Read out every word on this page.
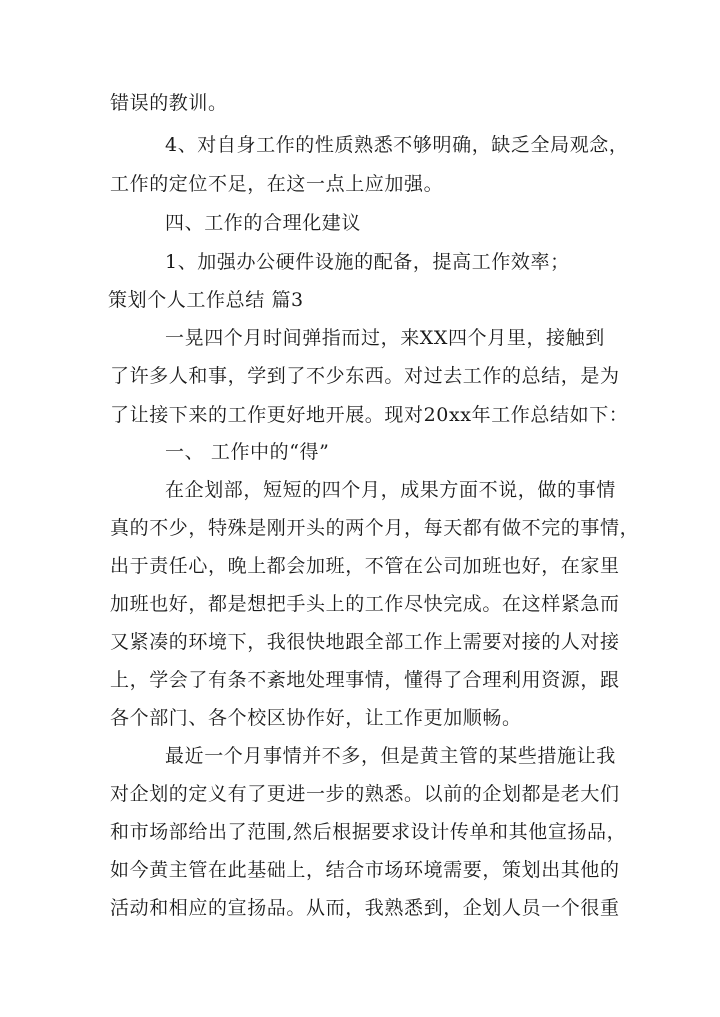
错误的教训。
4、对自身工作的性质熟悉不够明确，缺乏全局观念，
工作的定位不足，在这一点上应加强。
四、工作的合理化建议
1、加强办公硬件设施的配备，提高工作效率；
策划个人工作总结 篇3
一晃四个月时间弹指而过，来XX四个月里，接触到
了许多人和事，学到了不少东西。对过去工作的总结，是为
了让接下来的工作更好地开展。现对20xx年工作总结如下：
一、 工作中的“得”
在企划部，短短的四个月，成果方面不说，做的事情
真的不少，特殊是刚开头的两个月，每天都有做不完的事情，
出于责任心，晚上都会加班，不管在公司加班也好，在家里
加班也好，都是想把手头上的工作尽快完成。在这样紧急而
又紧凑的环境下，我很快地跟全部工作上需要对接的人对接
上，学会了有条不紊地处理事情，懂得了合理利用资源，跟
各个部门、各个校区协作好，让工作更加顺畅。
最近一个月事情并不多，但是黄主管的某些措施让我
对企划的定义有了更进一步的熟悉。以前的企划都是老大们
和市场部给出了范围,然后根据要求设计传单和其他宣扬品，
如今黄主管在此基础上，结合市场环境需要，策划出其他的
活动和相应的宣扬品。从而，我熟悉到，企划人员一个很重
